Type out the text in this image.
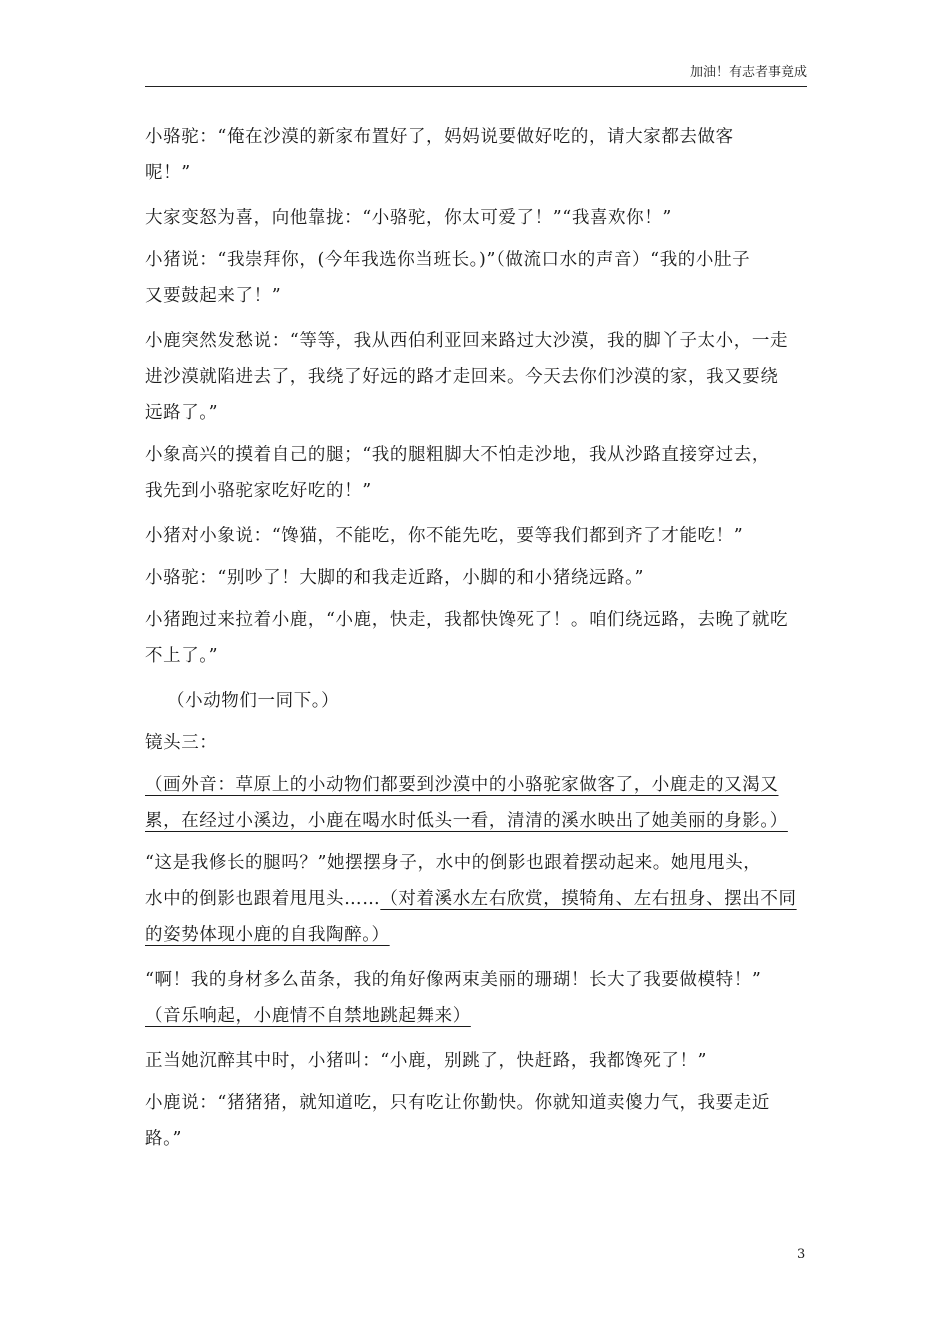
加油！有志者事竟成
小骆驼：“俺在沙漠的新家布置好了，妈妈说要做好吃的，请大家都去做客
呢！”
大家变怒为喜，向他靠拢：“小骆驼，你太可爱了！”“我喜欢你！”
小猪说：“我崇拜你，(今年我选你当班长。)”（做流口水的声音）“我的小肚子
又要鼓起来了！”
小鹿突然发愁说：“等等，我从西伯利亚回来路过大沙漠，我的脚丫子太小，一走
进沙漠就陷进去了，我绕了好远的路才走回来。今天去你们沙漠的家，我又要绕
远路了。”
小象高兴的摸着自己的腿；“我的腿粗脚大不怕走沙地，我从沙路直接穿过去，
我先到小骆驼家吃好吃的！”
小猪对小象说：“馋猫，不能吃，你不能先吃，要等我们都到齐了才能吃！”
小骆驼：“别吵了！大脚的和我走近路，小脚的和小猪绕远路。”
小猪跑过来拉着小鹿，“小鹿，快走，我都快馋死了！。咱们绕远路，去晚了就吃
不上了。”
（小动物们一同下。）
镜头三：
（画外音：草原上的小动物们都要到沙漠中的小骆驼家做客了，小鹿走的又渴又
累，在经过小溪边，小鹿在喝水时低头一看，清清的溪水映出了她美丽的身影。）
“这是我修长的腿吗？”她摆摆身子，水中的倒影也跟着摆动起来。她甩甩头，
水中的倒影也跟着甩甩头……（对着溪水左右欣赏，摸犄角、左右扭身、摆出不同
的姿势体现小鹿的自我陶醉。）
“啊！我的身材多么苗条，我的角好像两束美丽的珊瑚！长大了我要做模特！”
（音乐响起，小鹿情不自禁地跳起舞来）
正当她沉醉其中时，小猪叫：“小鹿，别跳了，快赶路，我都馋死了！”
小鹿说：“猪猪猪，就知道吃，只有吃让你勤快。你就知道卖傻力气，我要走近
路。”
3
